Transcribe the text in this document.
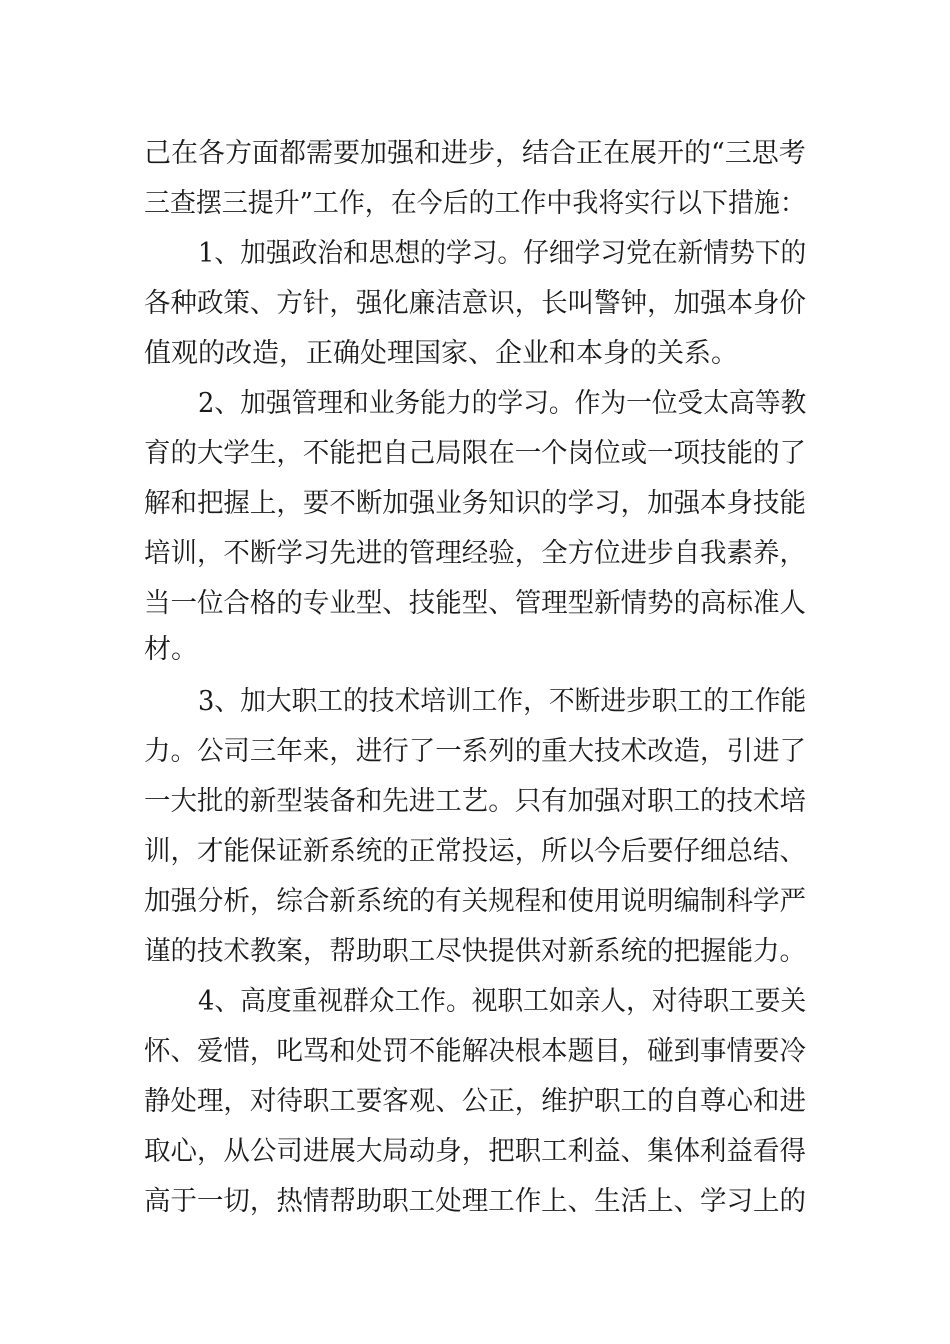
己在各方面都需要加强和进步，结合正在展开的“三思考
三查摆三提升”工作，在今后的工作中我将实行以下措施：
1、加强政治和思想的学习。仔细学习党在新情势下的
各种政策、方针，强化廉洁意识，长叫警钟，加强本身价
值观的改造，正确处理国家、企业和本身的关系。
2、加强管理和业务能力的学习。作为一位受太高等教
育的大学生，不能把自己局限在一个岗位或一项技能的了
解和把握上，要不断加强业务知识的学习，加强本身技能
培训，不断学习先进的管理经验，全方位进步自我素养，
当一位合格的专业型、技能型、管理型新情势的高标准人
材。
3、加大职工的技术培训工作，不断进步职工的工作能
力。公司三年来，进行了一系列的重大技术改造，引进了
一大批的新型装备和先进工艺。只有加强对职工的技术培
训，才能保证新系统的正常投运，所以今后要仔细总结、
加强分析，综合新系统的有关规程和使用说明编制科学严
谨的技术教案，帮助职工尽快提供对新系统的把握能力。
4、高度重视群众工作。视职工如亲人，对待职工要关
怀、爱惜，叱骂和处罚不能解决根本题目，碰到事情要冷
静处理，对待职工要客观、公正，维护职工的自尊心和进
取心，从公司进展大局动身，把职工利益、集体利益看得
高于一切，热情帮助职工处理工作上、生活上、学习上的
